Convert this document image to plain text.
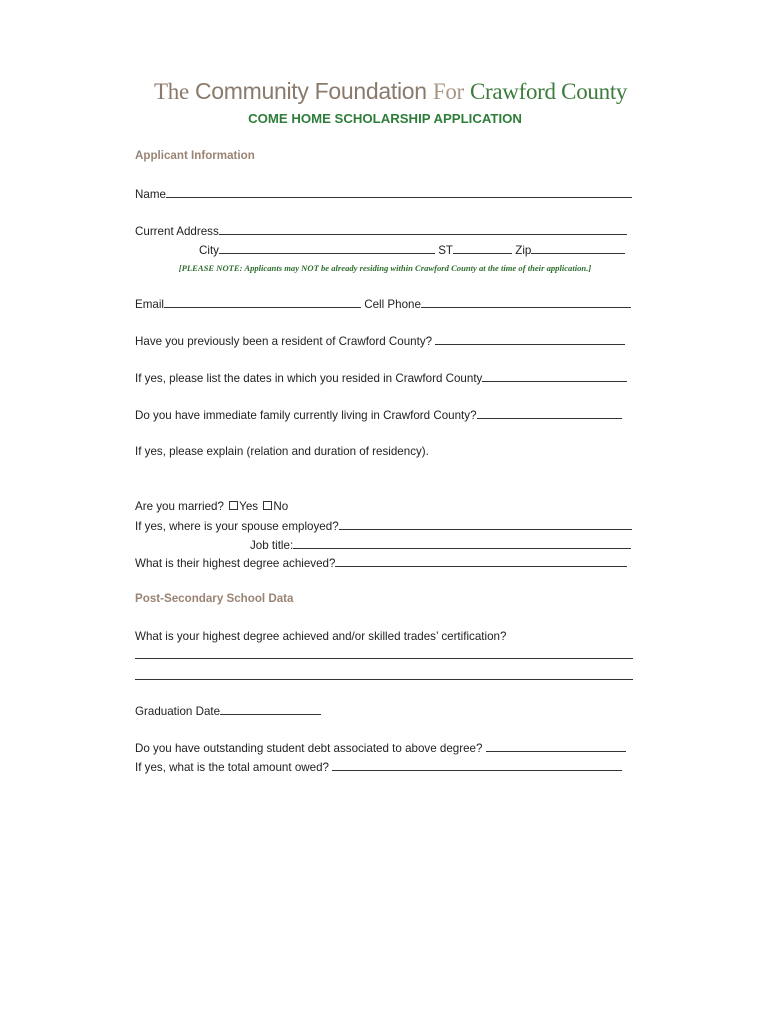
The Community Foundation For Crawford County
COME HOME SCHOLARSHIP APPLICATION
Applicant Information
Name
Current Address
City	ST	Zip
[PLEASE NOTE: Applicants may NOT be already residing within Crawford County at the time of their application.]
Email	Cell Phone
Have you previously been a resident of Crawford County?
If yes, please list the dates in which you resided in Crawford County
Do you have immediate family currently living in Crawford County?
If yes, please explain (relation and duration of residency).
Are you married? Yes No
If yes, where is your spouse employed?
Job title:
What is their highest degree achieved?
Post-Secondary School Data
What is your highest degree achieved and/or skilled trades’ certification?
Graduation Date
Do you have outstanding student debt associated to above degree?
If yes, what is the total amount owed?
